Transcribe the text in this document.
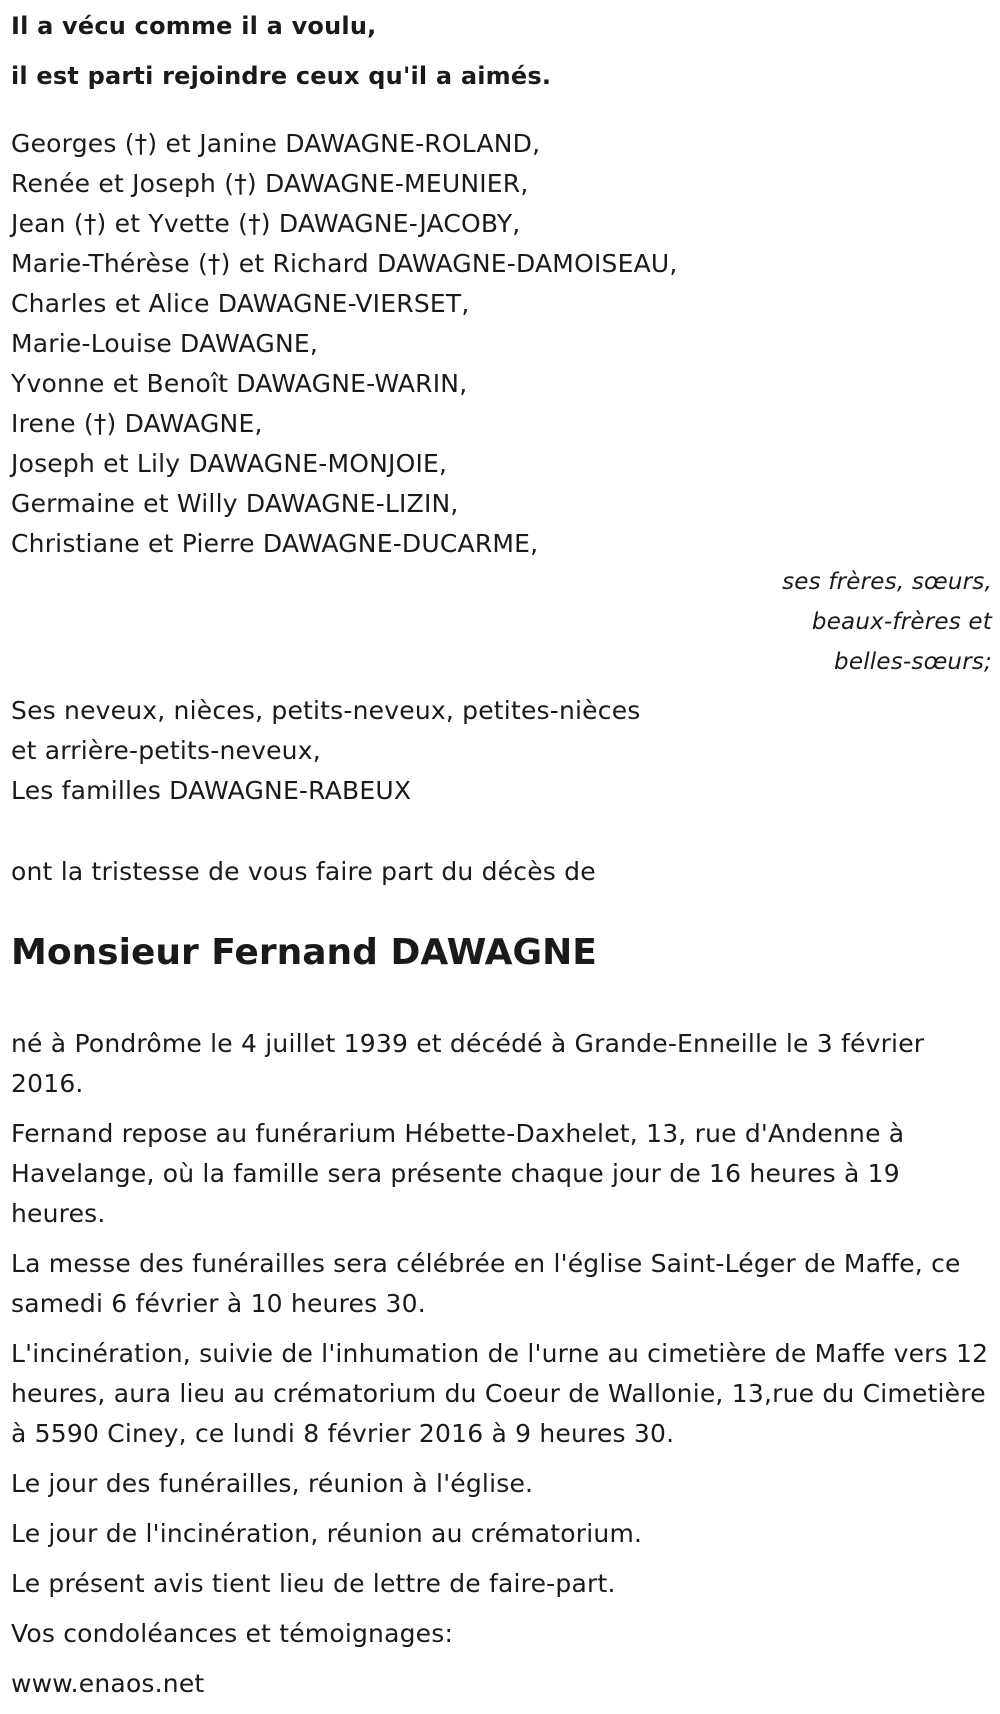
Il a vécu comme il a voulu,
il est parti rejoindre ceux qu'il a aimés.
Georges (†) et Janine DAWAGNE-ROLAND,
Renée et Joseph (†) DAWAGNE-MEUNIER,
Jean (†) et Yvette (†) DAWAGNE-JACOBY,
Marie-Thérèse (†) et Richard DAWAGNE-DAMOISEAU,
Charles et Alice DAWAGNE-VIERSET,
Marie-Louise DAWAGNE,
Yvonne et Benoît DAWAGNE-WARIN,
Irene (†) DAWAGNE,
Joseph et Lily DAWAGNE-MONJOIE,
Germaine et Willy DAWAGNE-LIZIN,
Christiane et Pierre DAWAGNE-DUCARME,
ses frères, sœurs,
beaux-frères et
belles-sœurs;
Ses neveux, nièces, petits-neveux, petites-nièces
et arrière-petits-neveux,
Les familles DAWAGNE-RABEUX
ont la tristesse de vous faire part du décès de
Monsieur Fernand DAWAGNE
né à Pondrôme le 4 juillet 1939 et décédé à Grande-Enneille le 3 février 2016.
Fernand repose au funérarium Hébette-Daxhelet, 13, rue d'Andenne à Havelange, où la famille sera présente chaque jour de 16 heures à 19 heures.
La messe des funérailles sera célébrée en l'église Saint-Léger de Maffe, ce samedi 6 février à 10 heures 30.
L'incinération, suivie de l'inhumation de l'urne au cimetière de Maffe vers 12 heures, aura lieu au crématorium du Coeur de Wallonie, 13,rue du Cimetière à 5590 Ciney, ce lundi 8 février 2016 à 9 heures 30.
Le jour des funérailles, réunion à l'église.
Le jour de l'incinération, réunion au crématorium.
Le présent avis tient lieu de lettre de faire-part.
Vos condoléances et témoignages:
www.enaos.net
